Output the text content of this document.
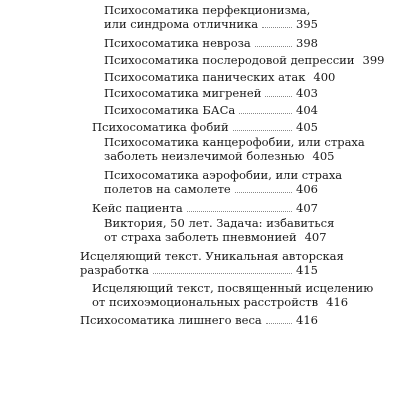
Психосоматика перфекционизма,
или синдрома отличника	395
Психосоматика невроза	398
Психосоматика послеродовой депрессии 399
Психосоматика панических атак 400
Психосоматика мигреней	403
Психосоматика БАСа	404
Психосоматика фобий	405
Психосоматика канцерофобии, или страха
заболеть неизлечимой болезнью 405
Психосоматика аэрофобии, или страха
полетов на самолете	406
Кейс пациента	407
Виктория, 50 лет. Задача: избавиться
от страха заболеть пневмонией 407
Исцеляющий текст. Уникальная авторская
разработка	415
Исцеляющий текст, посвященный исцелению
от психоэмоциональных расстройств 416
Психосоматика лишнего веса	416
